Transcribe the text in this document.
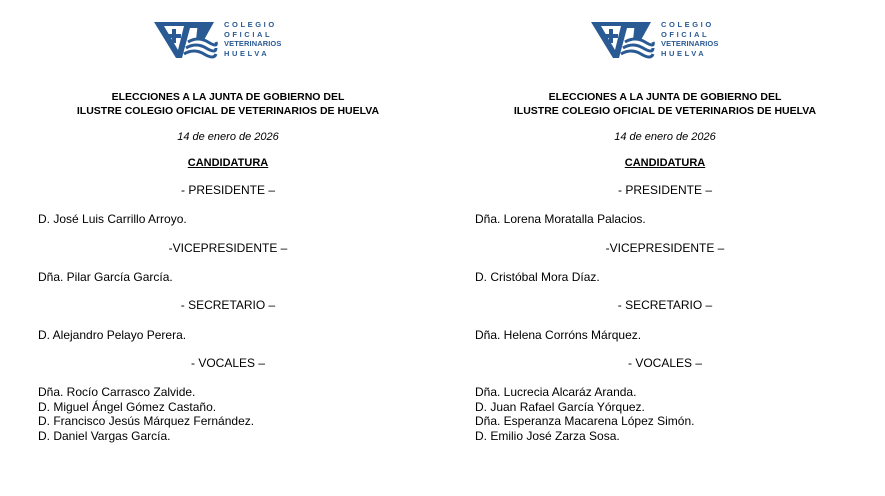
COLEGIO
OFICIAL
VETERINARIOS
HUELVA
ELECCIONES A LA JUNTA DE GOBIERNO DEL
ILUSTRE COLEGIO OFICIAL DE VETERINARIOS DE HUELVA
14 de enero de 2026
CANDIDATURA
- PRESIDENTE –
D. José Luis Carrillo Arroyo.
-VICEPRESIDENTE –
Dña. Pilar García García.
- SECRETARIO –
D. Alejandro Pelayo Perera.
- VOCALES –
Dña. Rocío Carrasco Zalvide.
D. Miguel Ángel Gómez Castaño.
D. Francisco Jesús Márquez Fernández.
D. Daniel Vargas García.
COLEGIO
OFICIAL
VETERINARIOS
HUELVA
ELECCIONES A LA JUNTA DE GOBIERNO DEL
ILUSTRE COLEGIO OFICIAL DE VETERINARIOS DE HUELVA
14 de enero de 2026
CANDIDATURA
- PRESIDENTE –
Dña. Lorena Moratalla Palacios.
-VICEPRESIDENTE –
D. Cristóbal Mora Díaz.
- SECRETARIO –
Dña. Helena Corróns Márquez.
- VOCALES –
Dña. Lucrecia Alcaráz Aranda.
D. Juan Rafael García Yórquez.
Dña. Esperanza Macarena López Simón.
D. Emilio José Zarza Sosa.
